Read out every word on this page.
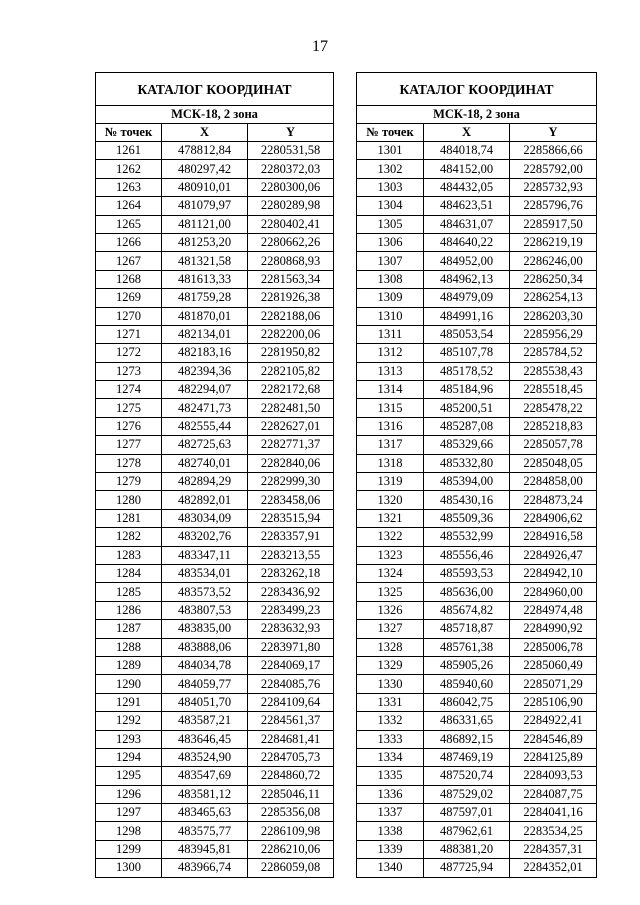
17
КАТАЛОГ КООРДИНАТ		
МСК-18, 2 зона		
№ точек	X	Y
1261	478812,84	2280531,58
1262	480297,42	2280372,03
1263	480910,01	2280300,06
1264	481079,97	2280289,98
1265	481121,00	2280402,41
1266	481253,20	2280662,26
1267	481321,58	2280868,93
1268	481613,33	2281563,34
1269	481759,28	2281926,38
1270	481870,01	2282188,06
1271	482134,01	2282200,06
1272	482183,16	2281950,82
1273	482394,36	2282105,82
1274	482294,07	2282172,68
1275	482471,73	2282481,50
1276	482555,44	2282627,01
1277	482725,63	2282771,37
1278	482740,01	2282840,06
1279	482894,29	2282999,30
1280	482892,01	2283458,06
1281	483034,09	2283515,94
1282	483202,76	2283357,91
1283	483347,11	2283213,55
1284	483534,01	2283262,18
1285	483573,52	2283436,92
1286	483807,53	2283499,23
1287	483835,00	2283632,93
1288	483888,06	2283971,80
1289	484034,78	2284069,17
1290	484059,77	2284085,76
1291	484051,70	2284109,64
1292	483587,21	2284561,37
1293	483646,45	2284681,41
1294	483524,90	2284705,73
1295	483547,69	2284860,72
1296	483581,12	2285046,11
1297	483465,63	2285356,08
1298	483575,77	2286109,98
1299	483945,81	2286210,06
1300	483966,74	2286059,08
КАТАЛОГ КООРДИНАТ		
МСК-18, 2 зона		
№ точек	X	Y
1301	484018,74	2285866,66
1302	484152,00	2285792,00
1303	484432,05	2285732,93
1304	484623,51	2285796,76
1305	484631,07	2285917,50
1306	484640,22	2286219,19
1307	484952,00	2286246,00
1308	484962,13	2286250,34
1309	484979,09	2286254,13
1310	484991,16	2286203,30
1311	485053,54	2285956,29
1312	485107,78	2285784,52
1313	485178,52	2285538,43
1314	485184,96	2285518,45
1315	485200,51	2285478,22
1316	485287,08	2285218,83
1317	485329,66	2285057,78
1318	485332,80	2285048,05
1319	485394,00	2284858,00
1320	485430,16	2284873,24
1321	485509,36	2284906,62
1322	485532,99	2284916,58
1323	485556,46	2284926,47
1324	485593,53	2284942,10
1325	485636,00	2284960,00
1326	485674,82	2284974,48
1327	485718,87	2284990,92
1328	485761,38	2285006,78
1329	485905,26	2285060,49
1330	485940,60	2285071,29
1331	486042,75	2285106,90
1332	486331,65	2284922,41
1333	486892,15	2284546,89
1334	487469,19	2284125,89
1335	487520,74	2284093,53
1336	487529,02	2284087,75
1337	487597,01	2284041,16
1338	487962,61	2283534,25
1339	488381,20	2284357,31
1340	487725,94	2284352,01
